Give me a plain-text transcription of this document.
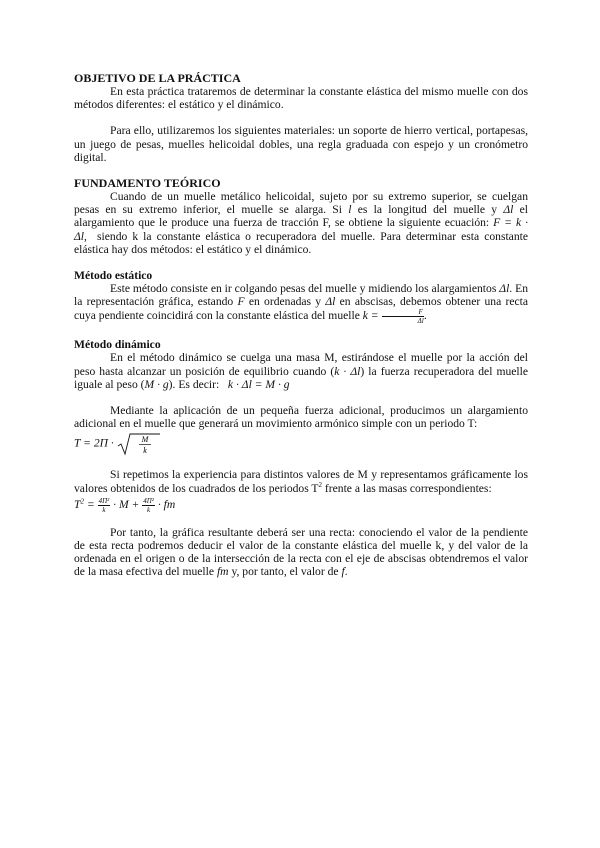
OBJETIVO DE LA PRÁCTICA

En esta práctica trataremos de determinar la constante elástica del mismo muelle con dos métodos diferentes: el estático y el dinámico.

Para ello, utilizaremos los siguientes materiales: un soporte de hierro vertical, portapesas, un juego de pesas, muelles helicoidal dobles, una regla graduada con espejo y un cronómetro digital.

FUNDAMENTO TEÓRICO

Cuando de un muelle metálico helicoidal, sujeto por su extremo superior, se cuelgan pesas en su extremo inferior, el muelle se alarga. Si l es la longitud del muelle y Δl el alargamiento que le produce una fuerza de tracción F, se obtiene la siguiente ecuación: F = k · Δl, siendo k la constante elástica o recuperadora del muelle. Para determinar esta constante elástica hay dos métodos: el estático y el dinámico.

Método estático

Este método consiste en ir colgando pesas del muelle y midiendo los alargamientos Δl. En la representación gráfica, estando F en ordenadas y Δl en abscisas, debemos obtener una recta cuya pendiente coincidirá con la constante elástica del muelle $k = \frac{F}{\Delta l}$ .

Método dinámico

En el método dinámico se cuelga una masa M, estirándose el muelle por la acción del peso hasta alcanzar un posición de equilibrio cuando (k · Δl) la fuerza recuperadora del muelle iguale al peso (M · g). Es decir: k · Δl = M · g

Mediante la aplicación de un pequeña fuerza adicional, producimos un alargamiento adicional en el muelle que generará un movimiento armónico simple con un periodo T:

T = 2Π ·	M
k

Si repetimos la experiencia para distintos valores de M y representamos gráficamente los valores obtenidos de los cuadrados de los periodos $T^2$ frente a las masas correspondientes:

$T^2 = \frac{\text{4Π²}}{k} \cdot M + \frac{\text{4Π²}}{k}$ · fm

Por tanto, la gráfica resultante deberá ser una recta: conociendo el valor de la pendiente de esta recta podremos deducir el valor de la constante elástica del muelle k, y del valor de la ordenada en el origen o de la intersección de la recta con el eje de abscisas obtendremos el valor de la masa efectiva del muelle fm y, por tanto, el valor de f.
